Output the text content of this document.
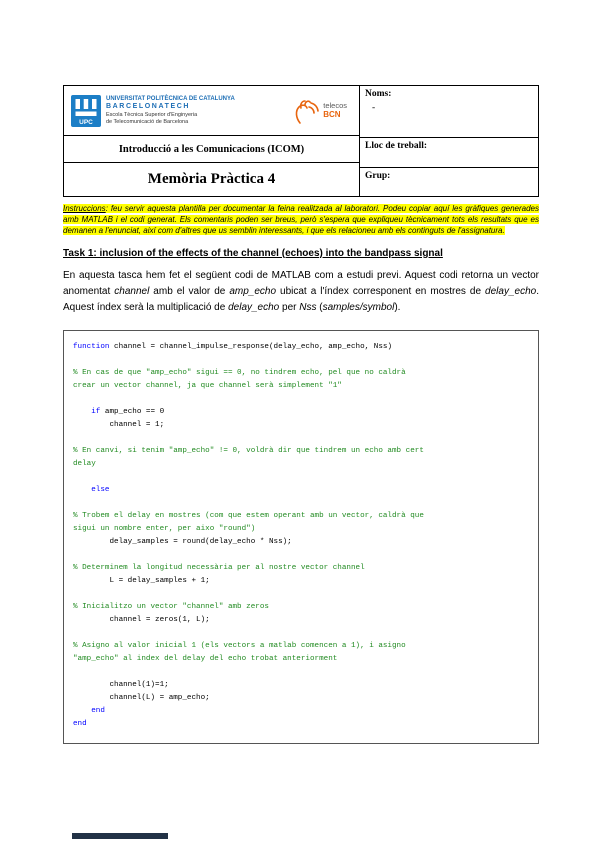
UPC
UNIVERSITAT POLITÈCNICA DE CATALUNYA
BARCELONATECH
Escola Tècnica Superior d'Enginyeria
de Telecomunicació de Barcelona
telecos
BCN
Introducció a les Comunicacions (ICOM)
Memòria Pràctica 4
Noms:
-
Lloc de treball:
Grup:

Instruccions: feu servir aquesta plantilla per documentar la feina realitzada al laboratori. Podeu copiar aquí les gràfiques generades amb MATLAB i el codi generat. Els comentaris poden ser breus, però s'espera que expliqueu tècnicament tots els resultats que es demanen a l'enunciat, així com d'altres que us semblin interessants, i que els relacioneu amb els continguts de l'assignatura.

Task 1: inclusion of the effects of the channel (echoes) into the bandpass signal

En aquesta tasca hem fet el següent codi de MATLAB com a estudi previ. Aquest codi retorna un vector anomentat channel amb el valor de amp_echo ubicat a l'índex corresponent en mostres de delay_echo. Aquest índex serà la multiplicació de delay_echo per Nss (samples/symbol).

function channel = channel_impulse_response(delay_echo, amp_echo, Nss)

% En cas de que "amp_echo" sigui == 0, no tindrem echo, pel que no caldrà
crear un vector channel, ja que channel serà simplement "1"

if amp_echo == 0
channel = 1;

% En canvi, si tenim "amp_echo" != 0, voldrà dir que tindrem un echo amb cert
delay

else

% Trobem el delay en mostres (com que estem operant amb un vector, caldrà que
sigui un nombre enter, per aixo "round")
delay_samples = round(delay_echo * Nss);

% Determinem la longitud necessària per al nostre vector channel
L = delay_samples + 1;

% Inicialitzo un vector "channel" amb zeros
channel = zeros(1, L);

% Asigno al valor inicial 1 (els vectors a matlab comencen a 1), i asigno
"amp_echo" al index del delay del echo trobat anteriorment

channel(1)=1;
channel(L) = amp_echo;
end
end
